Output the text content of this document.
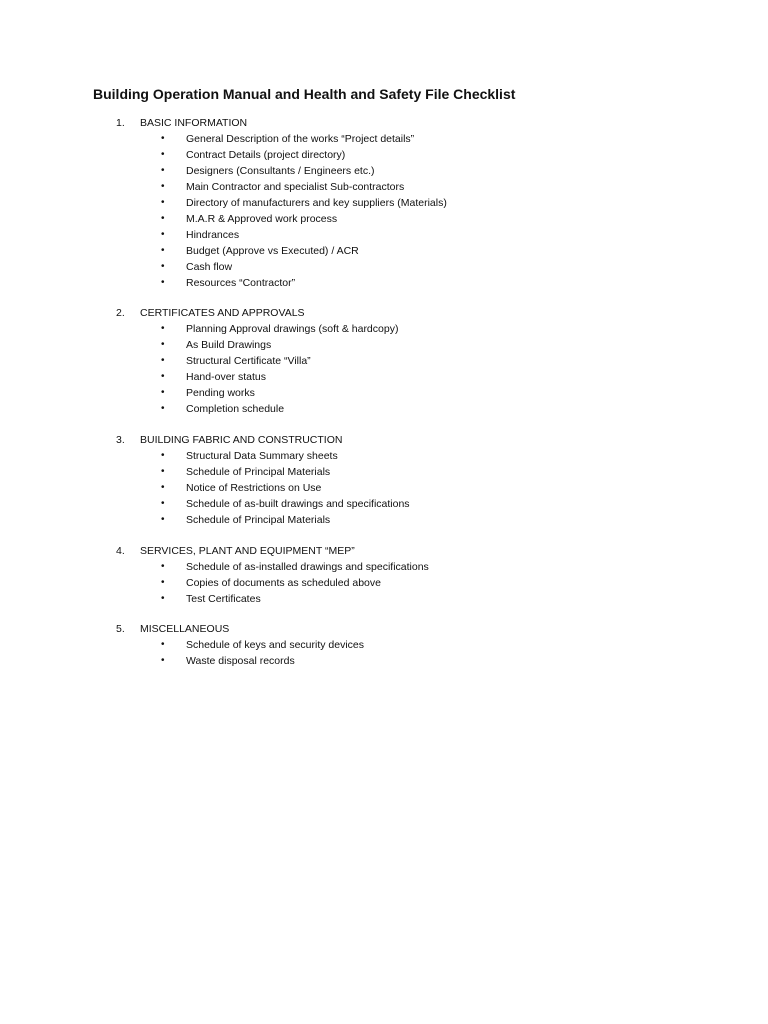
Building Operation Manual and Health and Safety File Checklist
1. BASIC INFORMATION
• General Description of the works “Project details”
• Contract Details (project directory)
• Designers (Consultants / Engineers etc.)
• Main Contractor and specialist Sub-contractors
• Directory of manufacturers and key suppliers (Materials)
• M.A.R & Approved work process
• Hindrances
• Budget (Approve vs Executed) / ACR
• Cash flow
• Resources “Contractor”
2. CERTIFICATES AND APPROVALS
• Planning Approval drawings (soft & hardcopy)
• As Build Drawings
• Structural Certificate “Villa”
• Hand-over status
• Pending works
• Completion schedule
3. BUILDING FABRIC AND CONSTRUCTION
• Structural Data Summary sheets
• Schedule of Principal Materials
• Notice of Restrictions on Use
• Schedule of as-built drawings and specifications
• Schedule of Principal Materials
4. SERVICES, PLANT AND EQUIPMENT “MEP”
• Schedule of as-installed drawings and specifications
• Copies of documents as scheduled above
• Test Certificates
5. MISCELLANEOUS
• Schedule of keys and security devices
• Waste disposal records
